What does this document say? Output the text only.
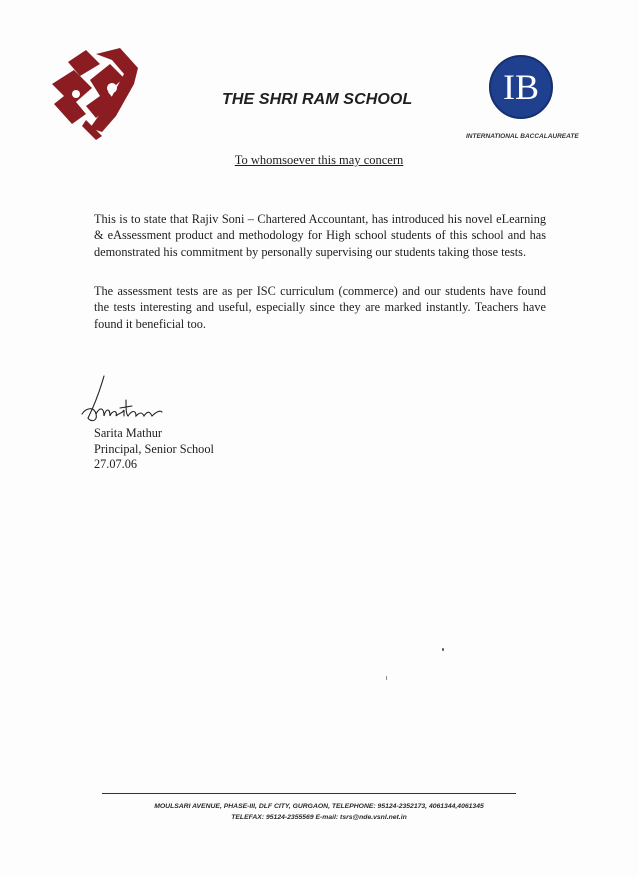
THE SHRI RAM SCHOOL	IB
INTERNATIONAL BACCALAUREATE
To whomsoever this may concern
This is to state that Rajiv Soni – Chartered Accountant, has introduced his novel eLearning & eAssessment product and methodology for High school students of this school and has demonstrated his commitment by personally supervising our students taking those tests.
The assessment tests are as per ISC curriculum (commerce) and our students have found the tests interesting and useful, especially since they are marked instantly. Teachers have found it beneficial too.
Sarita Mathur
Principal, Senior School
27.07.06
MOULSARI AVENUE, PHASE-III, DLF CITY, GURGAON, TELEPHONE: 95124-2352173, 4061344,4061345
TELEFAX: 95124-2355569 E-mail: tsrs@nde.vsnl.net.in
